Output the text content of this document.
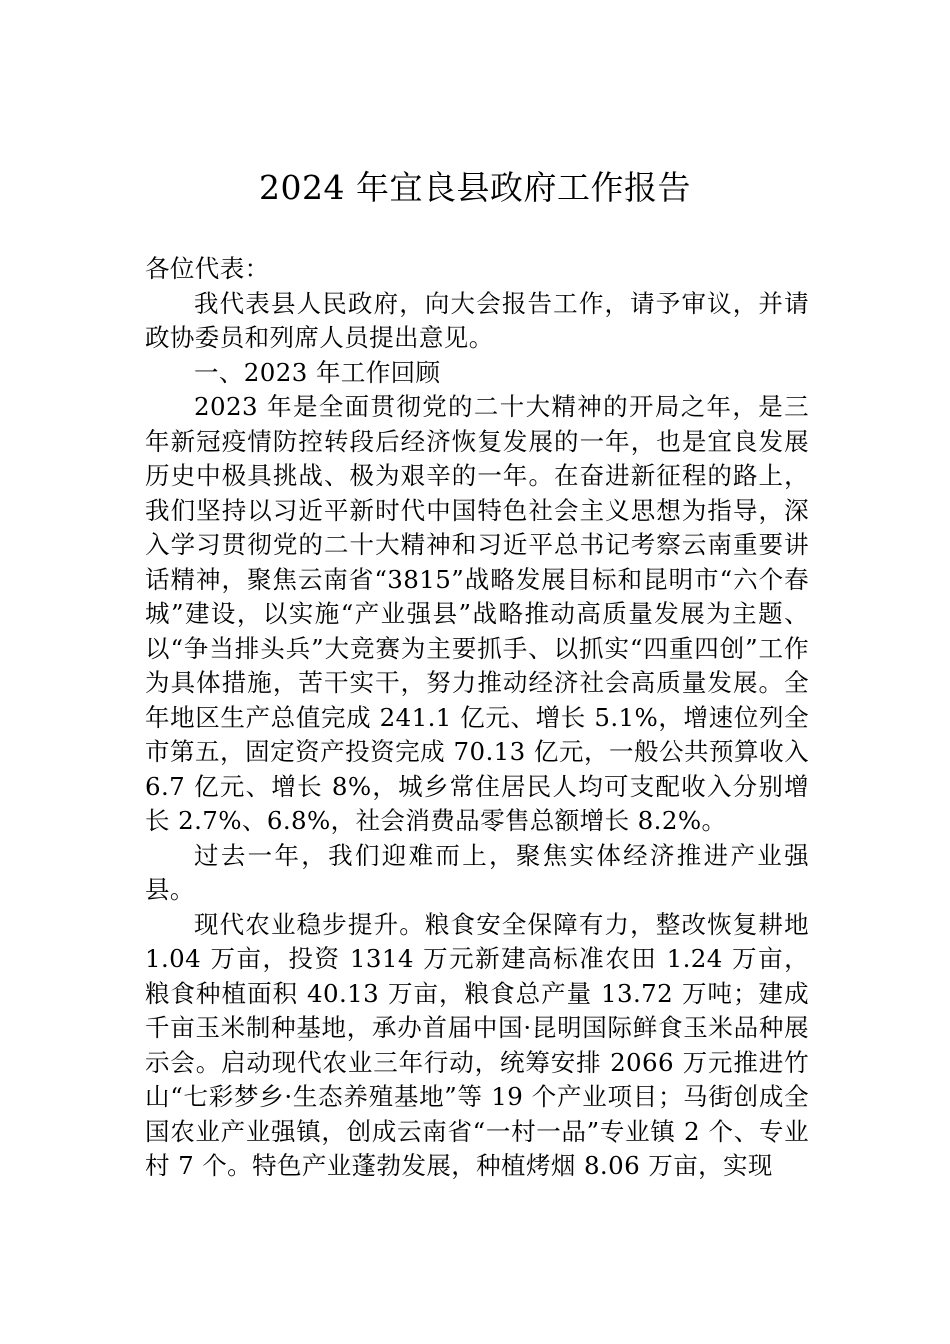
2024 年宜良县政府工作报告

各位代表：

我代表县人民政府，向大会报告工作，请予审议，并请政协委员和列席人员提出意见。

一、2023 年工作回顾

2023 年是全面贯彻党的二十大精神的开局之年，是三年新冠疫情防控转段后经济恢复发展的一年，也是宜良发展历史中极具挑战、极为艰辛的一年。在奋进新征程的路上，我们坚持以习近平新时代中国特色社会主义思想为指导，深入学习贯彻党的二十大精神和习近平总书记考察云南重要讲话精神，聚焦云南省“3815”战略发展目标和昆明市“六个春城”建设，以实施“产业强县”战略推动高质量发展为主题、以“争当排头兵”大竞赛为主要抓手、以抓实“四重四创”工作为具体措施，苦干实干，努力推动经济社会高质量发展。全年地区生产总值完成 241.1 亿元、增长 5.1%，增速位列全市第五，固定资产投资完成 70.13 亿元，一般公共预算收入 6.7 亿元、增长 8%，城乡常住居民人均可支配收入分别增长 2.7%、6.8%，社会消费品零售总额增长 8.2%。

过去一年，我们迎难而上，聚焦实体经济推进产业强县。

现代农业稳步提升。粮食安全保障有力，整改恢复耕地 1.04 万亩，投资 1314 万元新建高标准农田 1.24 万亩，粮食种植面积 40.13 万亩，粮食总产量 13.72 万吨；建成千亩玉米制种基地，承办首届中国·昆明国际鲜食玉米品种展示会。启动现代农业三年行动，统筹安排 2066 万元推进竹山“七彩梦乡·生态养殖基地”等 19 个产业项目；马街创成全国农业产业强镇，创成云南省“一村一品”专业镇 2 个、专业村 7 个。特色产业蓬勃发展，种植烤烟 8.06 万亩，实现
